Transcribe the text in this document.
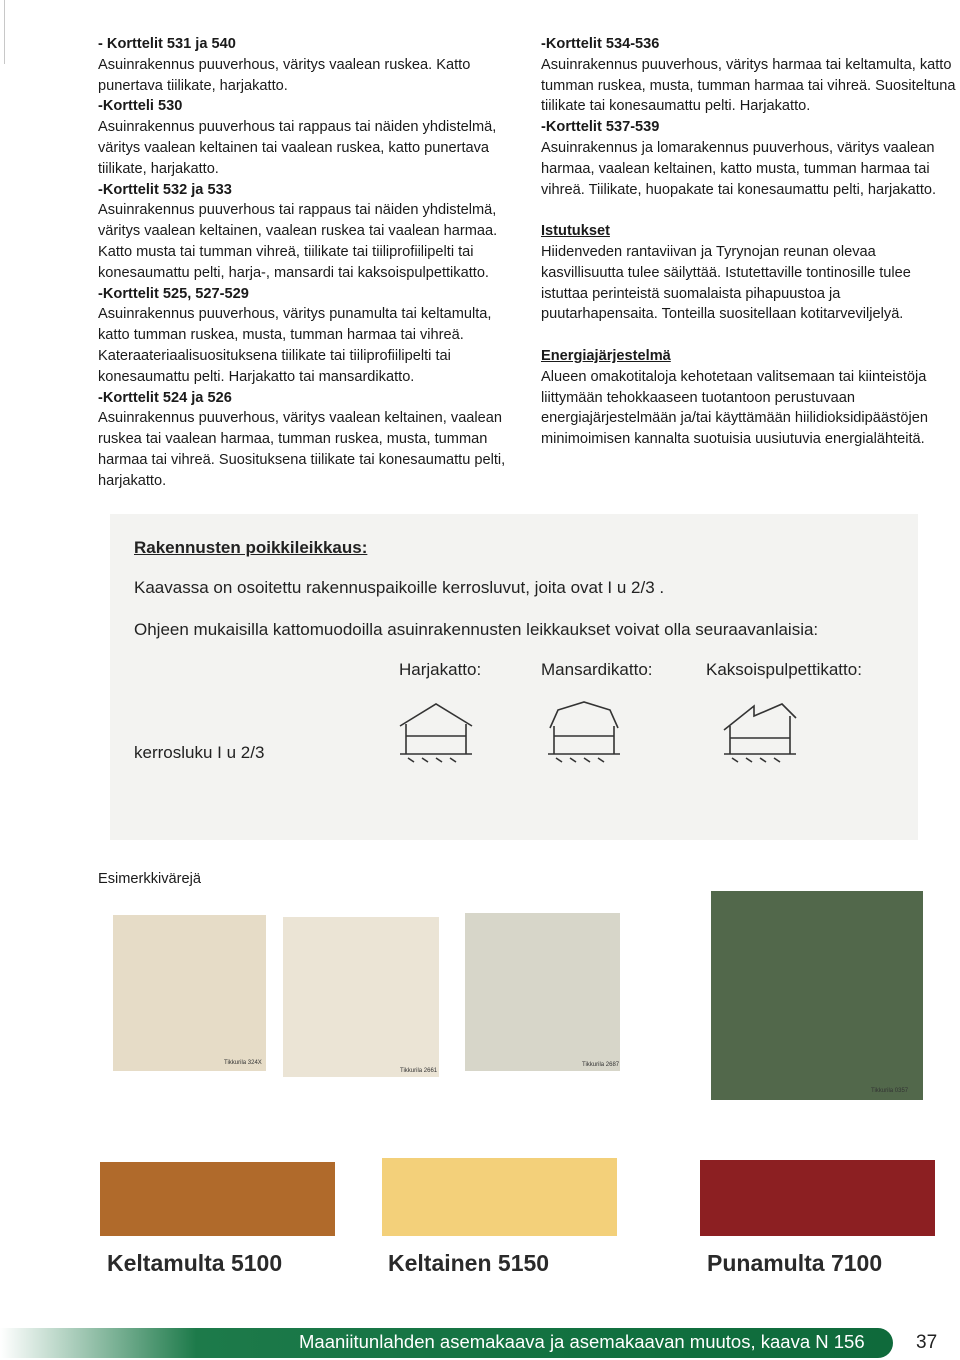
- Korttelit 531 ja 540

Asuinrakennus puuverhous, väritys vaalean ruskea. Katto punertava tiilikate, harjakatto.

-Kortteli 530

Asuinrakennus puuverhous tai rappaus tai näiden yhdistelmä, väritys vaalean keltainen tai vaalean ruskea, katto punertava tiilikate, harjakatto.

-Korttelit 532 ja 533

Asuinrakennus puuverhous tai rappaus tai näiden yhdistelmä, väritys vaalean keltainen, vaalean ruskea tai vaalean harmaa. Katto musta tai tumman vihreä, tiilikate tai tiiliprofiilipelti tai konesaumattu pelti, harja-, mansardi tai kaksoispulpettikatto.

-Korttelit 525, 527-529

Asuinrakennus puuverhous, väritys punamulta tai keltamulta, katto tumman ruskea, musta, tumman harmaa tai vihreä. Kateraateriaalisuosituksena tiilikate tai tiiliprofiilipelti tai konesaumattu pelti. Harjakatto tai mansardikatto.

-Korttelit 524 ja 526

Asuinrakennus puuverhous, väritys vaalean keltainen, vaalean ruskea tai vaalean harmaa, tumman ruskea, musta, tumman harmaa tai vihreä. Suosituksena tiilikate tai konesaumattu pelti, harjakatto.

-Korttelit 534-536

Asuinrakennus puuverhous, väritys harmaa tai keltamulta, katto tumman ruskea, musta, tumman harmaa tai vihreä. Suositeltuna tiilikate tai konesaumattu pelti. Harjakatto.

-Korttelit 537-539

Asuinrakennus ja lomarakennus puuverhous, väritys vaalean harmaa, vaalean keltainen, katto musta, tumman harmaa tai vihreä. Tiilikate, huopakate tai konesaumattu pelti, harjakatto.

Istutukset

Hiidenveden rantaviivan ja Tyrynojan reunan olevaa kasvillisuutta tulee säilyttää. Istutettaville tontinosille tulee istuttaa perinteistä suomalaista pihapuustoa ja puutarhapensaita. Tonteilla suositellaan kotitarveviljelyä.

Energiajärjestelmä

Alueen omakotitaloja kehotetaan valitsemaan tai kiinteistöja liittymään tehokkaaseen tuotantoon perustuvaan energiajärjestelmään ja/tai käyttämään hiilidioksidipäästöjen minimoimisen kannalta suotuisia uusiutuvia energialähteitä.

Rakennusten poikkileikkaus:
Kaavassa on osoitettu rakennuspaikoille kerrosluvut, joita ovat I u 2/3 .
Ohjeen mukaisilla kattomuodoilla asuinrakennusten leikkaukset voivat olla seuraavanlaisia:
Harjakatto:	Mansardikatto:	Kaksoispulpettikatto:
kerrosluku I u 2/3
Esimerkkivärejä
Tikkurila 324X
Tikkurila 2661
Tikkurila 2687
Tikkurila 0357
Keltamulta 5100	Keltainen 5150	Punamulta 7100
Maaniitunlahden asemakaava ja asemakaavan muutos, kaava N 156	37
